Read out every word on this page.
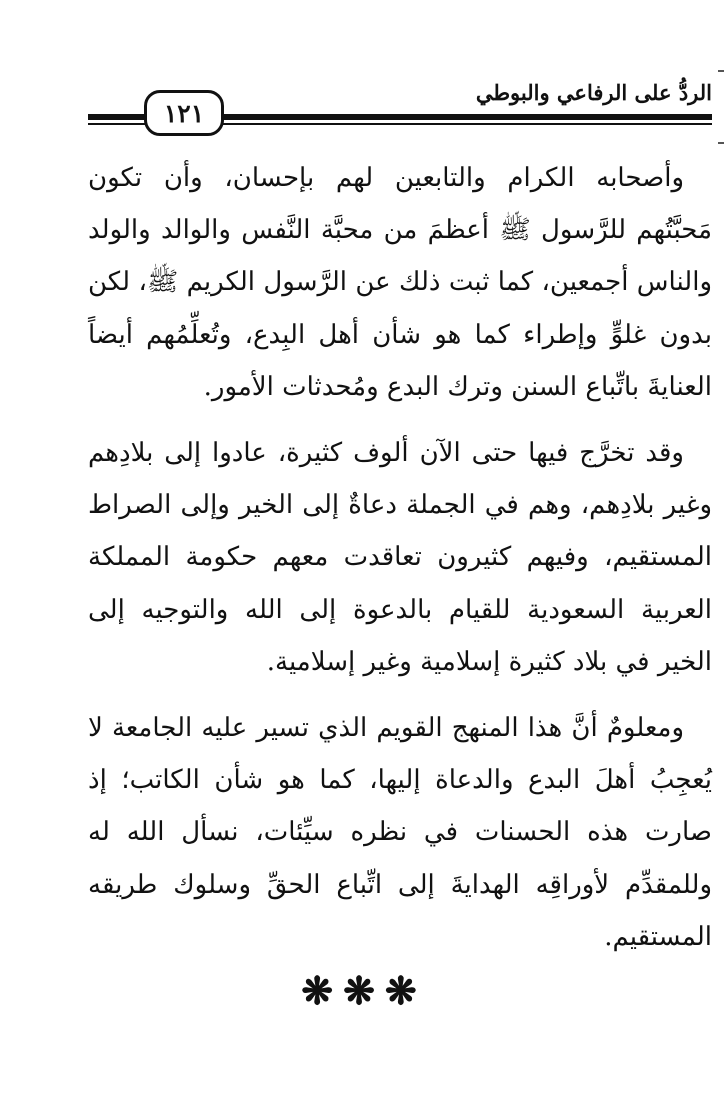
الردُّ على الرفاعي والبوطي
١٢١

وأصحابه الكرام والتابعين لهم بإحسان، وأن تكون مَحبَّتُهم للرَّسول ﷺ أعظمَ من محبَّة النَّفس والوالد والولد والناس أجمعين، كما ثبت ذلك عن الرَّسول الكريم ﷺ، لكن بدون غلوٍّ وإطراء كما هو شأن أهل البِدع، وتُعلِّمُهم أيضاً العنايةَ باتِّباع السنن وترك البدع ومُحدثات الأمور.

وقد تخرَّج فيها حتى الآن ألوف كثيرة، عادوا إلى بلادِهم وغير بلادِهم، وهم في الجملة دعاةٌ إلى الخير وإلى الصراط المستقيم، وفيهم كثيرون تعاقدت معهم حكومة المملكة العربية السعودية للقيام بالدعوة إلى الله والتوجيه إلى الخير في بلاد كثيرة إسلامية وغير إسلامية.

ومعلومٌ أنَّ هذا المنهج القويم الذي تسير عليه الجامعة لا يُعجِبُ أهلَ البدع والدعاة إليها، كما هو شأن الكاتب؛ إذ صارت هذه الحسنات في نظره سيِّئات، نسأل الله له وللمقدِّم لأوراقِه الهدايةَ إلى اتِّباع الحقِّ وسلوك طريقه المستقيم.

❋❋❋
